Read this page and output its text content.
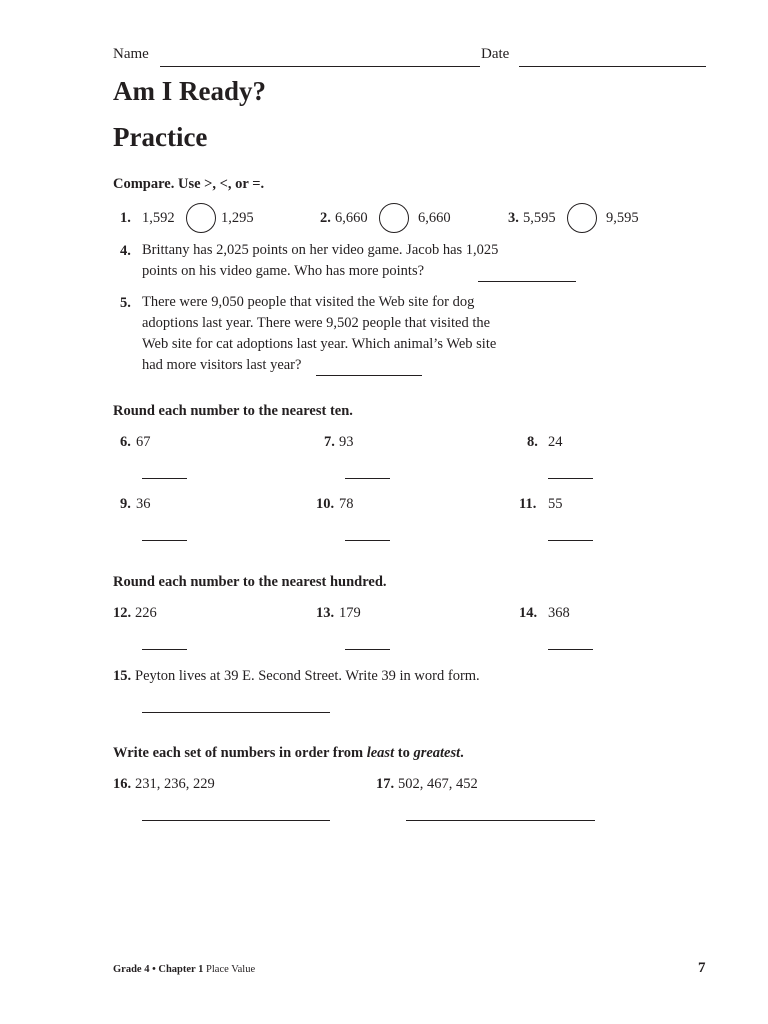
Name	Date
Am I Ready?
Practice
Compare. Use >, <, or =.
1. 1,592	1,295	2. 6,660	6,660	3. 5,595	9,595
4. Brittany has 2,025 points on her video game. Jacob has 1,025
points on his video game. Who has more points?
5. There were 9,050 people that visited the Web site for dog
adoptions last year. There were 9,502 people that visited the
Web site for cat adoptions last year. Which animal’s Web site
had more visitors last year?
Round each number to the nearest ten.
6. 67	7. 93	8. 24
9. 36	10. 78	11. 55
Round each number to the nearest hundred.
12. 226	13. 179	14. 368
15. Peyton lives at 39 E. Second Street. Write 39 in word form.
Write each set of numbers in order from least to greatest.
16. 231, 236, 229	17. 502, 467, 452
Grade 4 • Chapter 1 Place Value	7
